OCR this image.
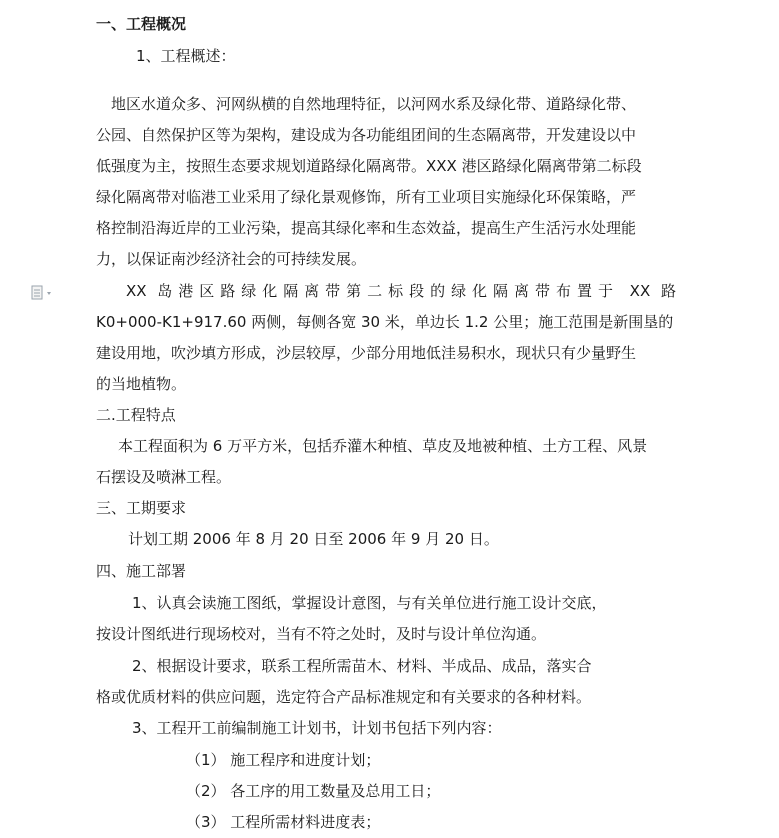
一、工程概况

1、工程概述：

地区水道众多、河网纵横的自然地理特征，以河网水系及绿化带、道路绿化带、

公园、自然保护区等为架构，建设成为各功能组团间的生态隔离带，开发建设以中

低强度为主，按照生态要求规划道路绿化隔离带。XXX 港区路绿化隔离带第二标段

绿化隔离带对临港工业采用了绿化景观修饰，所有工业项目实施绿化环保策略，严

格控制沿海近岸的工业污染，提高其绿化率和生态效益，提高生产生活污水处理能

力，以保证南沙经济社会的可持续发展。

XX 岛港区路绿化隔离带第二标段的绿化隔离带布置于 XX 路

K0+000-K1+917.60 两侧，每侧各宽 30 米，单边长 1.2 公里；施工范围是新围垦的

建设用地，吹沙填方形成，沙层较厚，少部分用地低洼易积水，现状只有少量野生

的当地植物。

二.工程特点

本工程面积为 6 万平方米，包括乔灌木种植、草皮及地被种植、土方工程、风景

石摆设及喷淋工程。

三、工期要求

计划工期 2006 年 8 月 20 日至 2006 年 9 月 20 日。

四、施工部署

1、认真会读施工图纸，掌握设计意图，与有关单位进行施工设计交底，

按设计图纸进行现场校对，当有不符之处时，及时与设计单位沟通。

2、根据设计要求，联系工程所需苗木、材料、半成品、成品，落实合

格或优质材料的供应问题，选定符合产品标准规定和有关要求的各种材料。

3、工程开工前编制施工计划书，计划书包括下列内容：

（1） 施工程序和进度计划；

（2） 各工序的用工数量及总用工日；

（3） 工程所需材料进度表；
